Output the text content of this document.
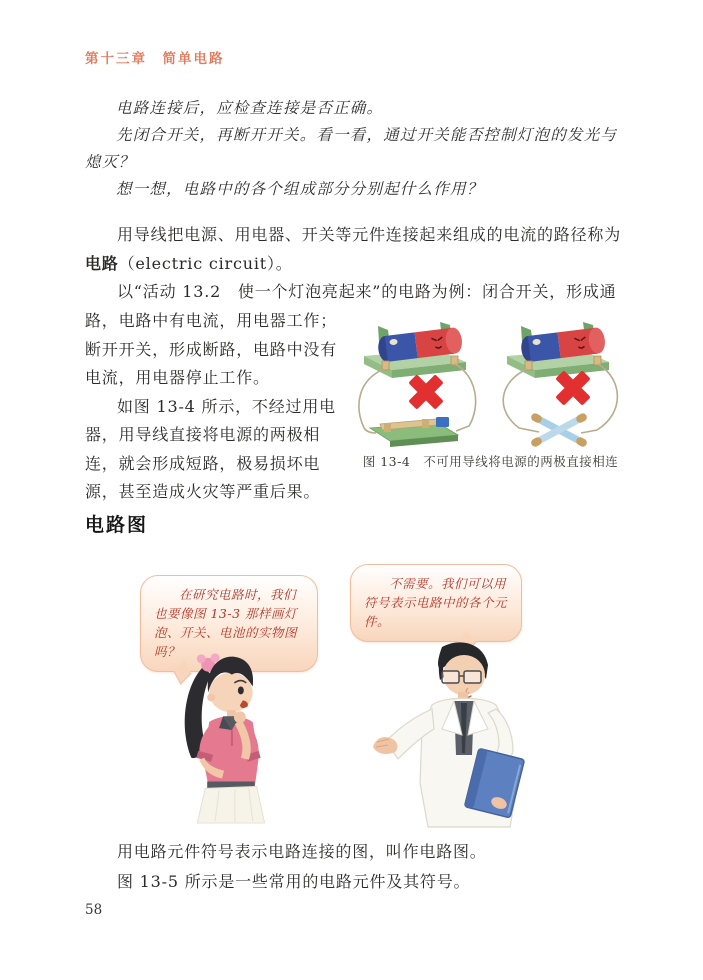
第十三章　简单电路

电路连接后，应检查连接是否正确。

先闭合开关，再断开开关。看一看，通过开关能否控制灯泡的发光与熄灭？

想一想，电路中的各个组成部分分别起什么作用？

用导线把电源、用电器、开关等元件连接起来组成的电流的路径称为电路（electric circuit）。
以“活动 13.2　使一个灯泡亮起来”的电路为例：闭合开关，形成通

路，电路中有电流，用电器工作；断开开关，形成断路，电路中没有电流，用电器停止工作。

如图 13-4 所示，不经过用电器，用导线直接将电源的两极相连，就会形成短路，极易损坏电源，甚至造成火灾等严重后果。

图 13-4　不可用导线将电源的两极直接相连
电路图
在研究电路时，我们也要像图 13-3 那样画灯泡、开关、电池的实物图吗？
不需要。我们可以用符号表示电路中的各个元件。

用电路元件符号表示电路连接的图，叫作电路图。

图 13-5 所示是一些常用的电路元件及其符号。

58
